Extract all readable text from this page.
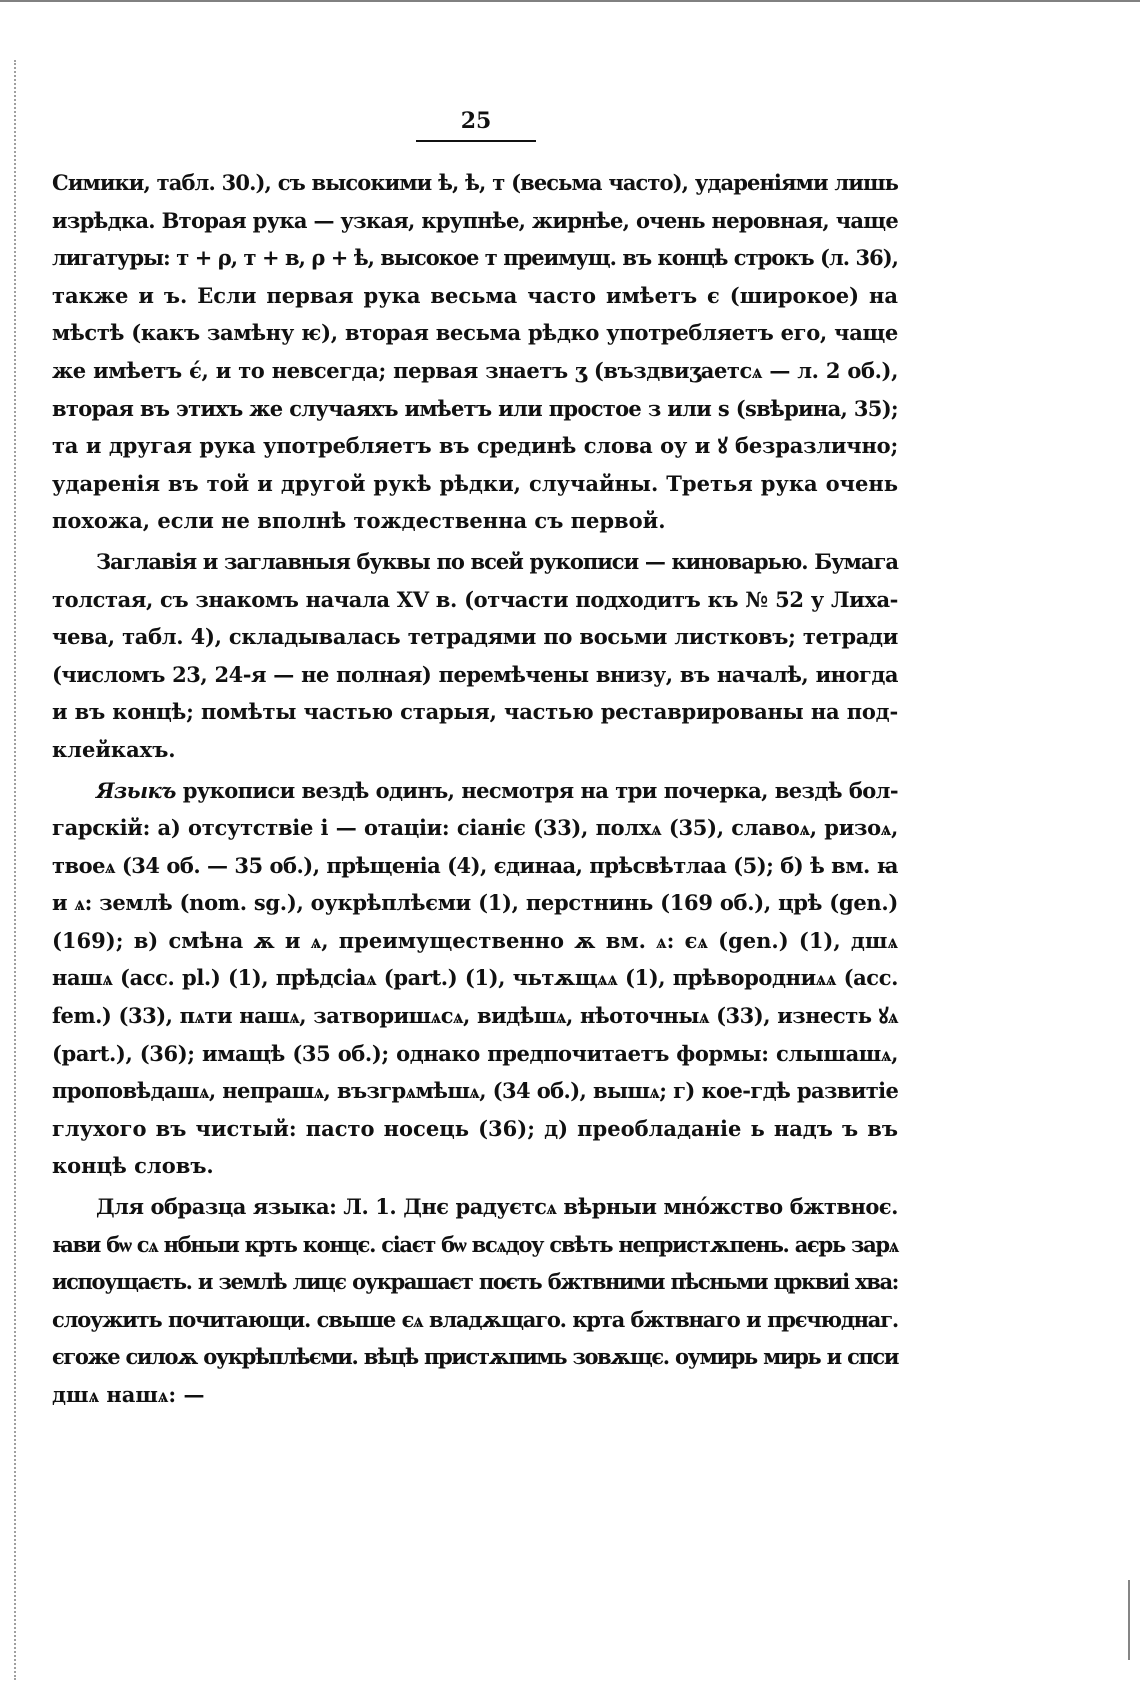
25

Симики, табл. 30.), съ высокими ѣ, ѣ, т (весьма часто), удареніями лишь
изрѣдка. Вторая рука — узкая, крупнѣе, жирнѣе, очень неровная, чаще
лигатуры: т + ρ, т + в, ρ + ѣ, высокое т преимущ. въ концѣ строкъ (л. 36),
также и ъ. Если первая рука весьма часто имѣетъ є (широкое) на
мѣстѣ (какъ замѣну ѥ), вторая весьма рѣдко употребляетъ его, чаще
же имѣетъ є́, и то невсегда; первая знаетъ ӡ (въздвиӡаетсѧ — л. 2 об.),
вторая въ этихъ же случаяхъ имѣетъ или простое з или ѕ (ѕвѣрина, 35);
та и другая рука употребляетъ въ срединѣ слова оу и ꙋ безразлично;
ударенія въ той и другой рукѣ рѣдки, случайны. Третья рука очень
похожа, если не вполнѣ тождественна съ первой.

Заглавія и заглавныя буквы по всей рукописи — киноварью. Бумага
толстая, съ знакомъ начала XV в. (отчасти подходитъ къ № 52 у Лиха-
чева, табл. 4), складывалась тетрадями по восьми листковъ; тетради
(числомъ 23, 24-я — не полная) перемѣчены внизу, въ началѣ, иногда
и въ концѣ; помѣты частью старыя, частью реставрированы на под-
клейкахъ.

Языкъ рукописи вездѣ одинъ, несмотря на три почерка, вездѣ бол-
гарскій: а) отсутствіе і — отаціи: сіаніє (33), полхѧ (35), славоѧ, ризоѧ,
твоеѧ (34 об. — 35 об.), прѣщеніа (4), єдинаа, прѣсвѣтлаа (5); б) ѣ вм. ꙗ
и ѧ: землѣ (nom. sg.), оукрѣплѣєми (1), перстнинь (169 об.), црѣ (gen.)
(169); в) смѣна ѫ и ѧ, преимущественно ѫ вм. ѧ: єѧ (gen.) (1), дшѧ
нашѧ (acc. pl.) (1), прѣдсіаѧ (part.) (1), чьтѫщѧѧ (1), прѣвородниѧѧ (acc.
fem.) (33), пѧти нашѧ, затворишѧсѧ, видѣшѧ, нѣоточныѧ (33), изнесть ꙋѧ
(part.), (36); имащѣ (35 об.); однако предпочитаетъ формы: слышашѧ,
проповѣдашѧ, непрашѧ, възгрѧмѣшѧ, (34 об.), вышѧ; г) кое-гдѣ развитіе
глухого въ чистый: пасто носець (36); д) преобладаніе ь надъ ъ въ
концѣ словъ.

Для образца языка: Л. 1. Днє радуєтсѧ вѣрныи мно́жство бжтвноє.
ꙗви бѡ сѧ нбныи крть концє. сіаєт бѡ всѧдоу свѣть непристѫпень. аєрь зарѧ
испоущаєть. и землѣ лицє оукрашаєт поєть бжтвними пѣсньми црквиі хва:
слоужить почитающи. свыше єѧ владѫщаго. крта бжтвнаго и прєчюднаг.
єгоже силоѫ оукрѣплѣєми. вѣцѣ пристѫпимь зовѫщє. оумирь мирь и спси
дшѧ нашѧ: —
